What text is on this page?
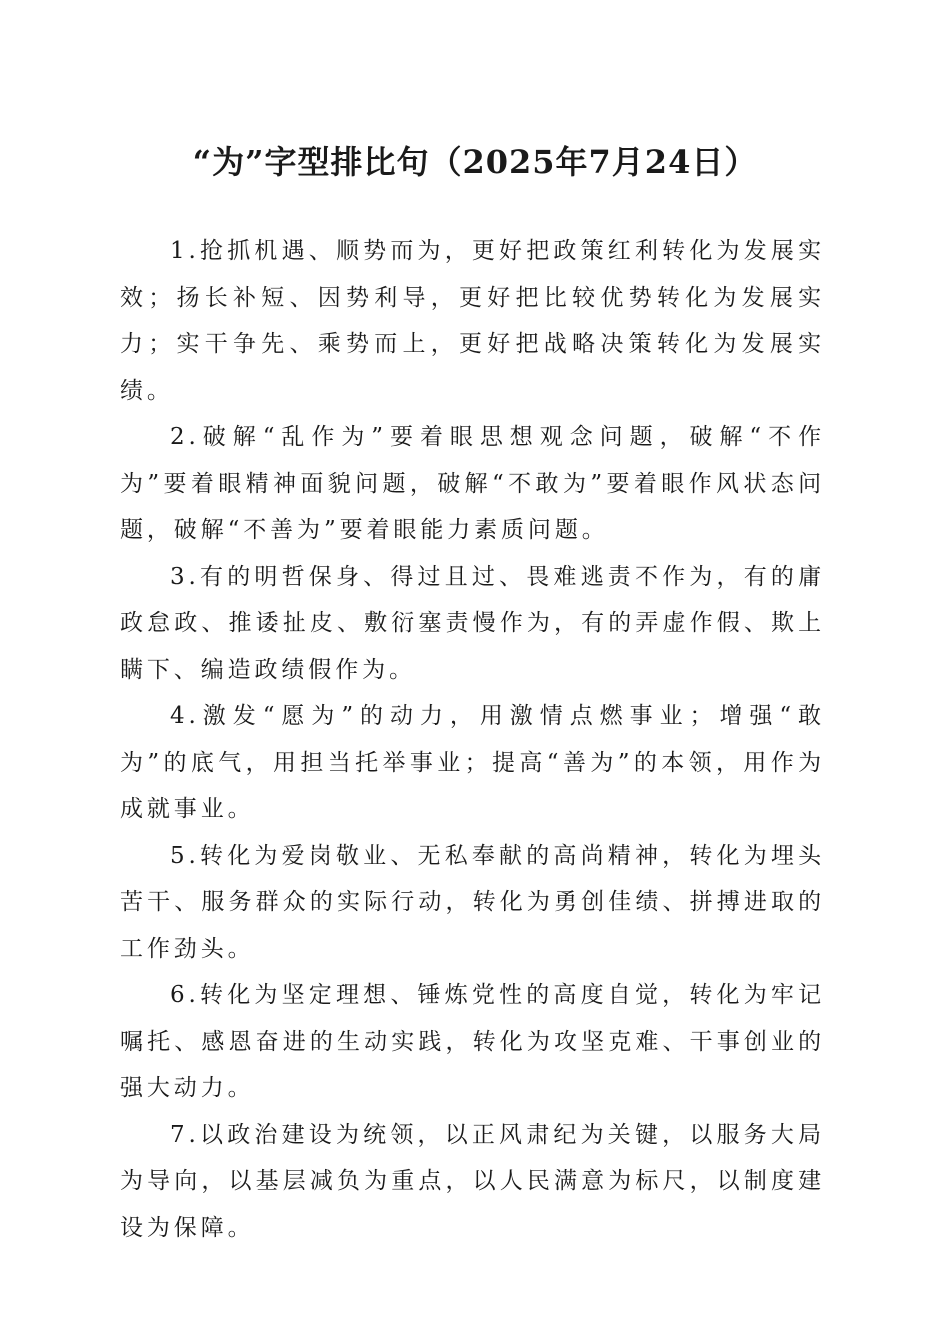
“为”字型排比句（2025年7月24日）

1.抢抓机遇、顺势而为，更好把政策红利转化为发展实效；扬长补短、因势利导，更好把比较优势转化为发展实力；实干争先、乘势而上，更好把战略决策转化为发展实绩。

2.破解“乱作为”要着眼思想观念问题，破解“不作为”要着眼精神面貌问题，破解“不敢为”要着眼作风状态问题，破解“不善为”要着眼能力素质问题。

3.有的明哲保身、得过且过、畏难逃责不作为，有的庸政怠政、推诿扯皮、敷衍塞责慢作为，有的弄虚作假、欺上瞒下、编造政绩假作为。

4.激发“愿为”的动力，用激情点燃事业；增强“敢为”的底气，用担当托举事业；提高“善为”的本领，用作为成就事业。

5.转化为爱岗敬业、无私奉献的高尚精神，转化为埋头苦干、服务群众的实际行动，转化为勇创佳绩、拼搏进取的工作劲头。

6.转化为坚定理想、锤炼党性的高度自觉，转化为牢记嘱托、感恩奋进的生动实践，转化为攻坚克难、干事创业的强大动力。

7.以政治建设为统领，以正风肃纪为关键，以服务大局为导向，以基层减负为重点，以人民满意为标尺，以制度建设为保障。
